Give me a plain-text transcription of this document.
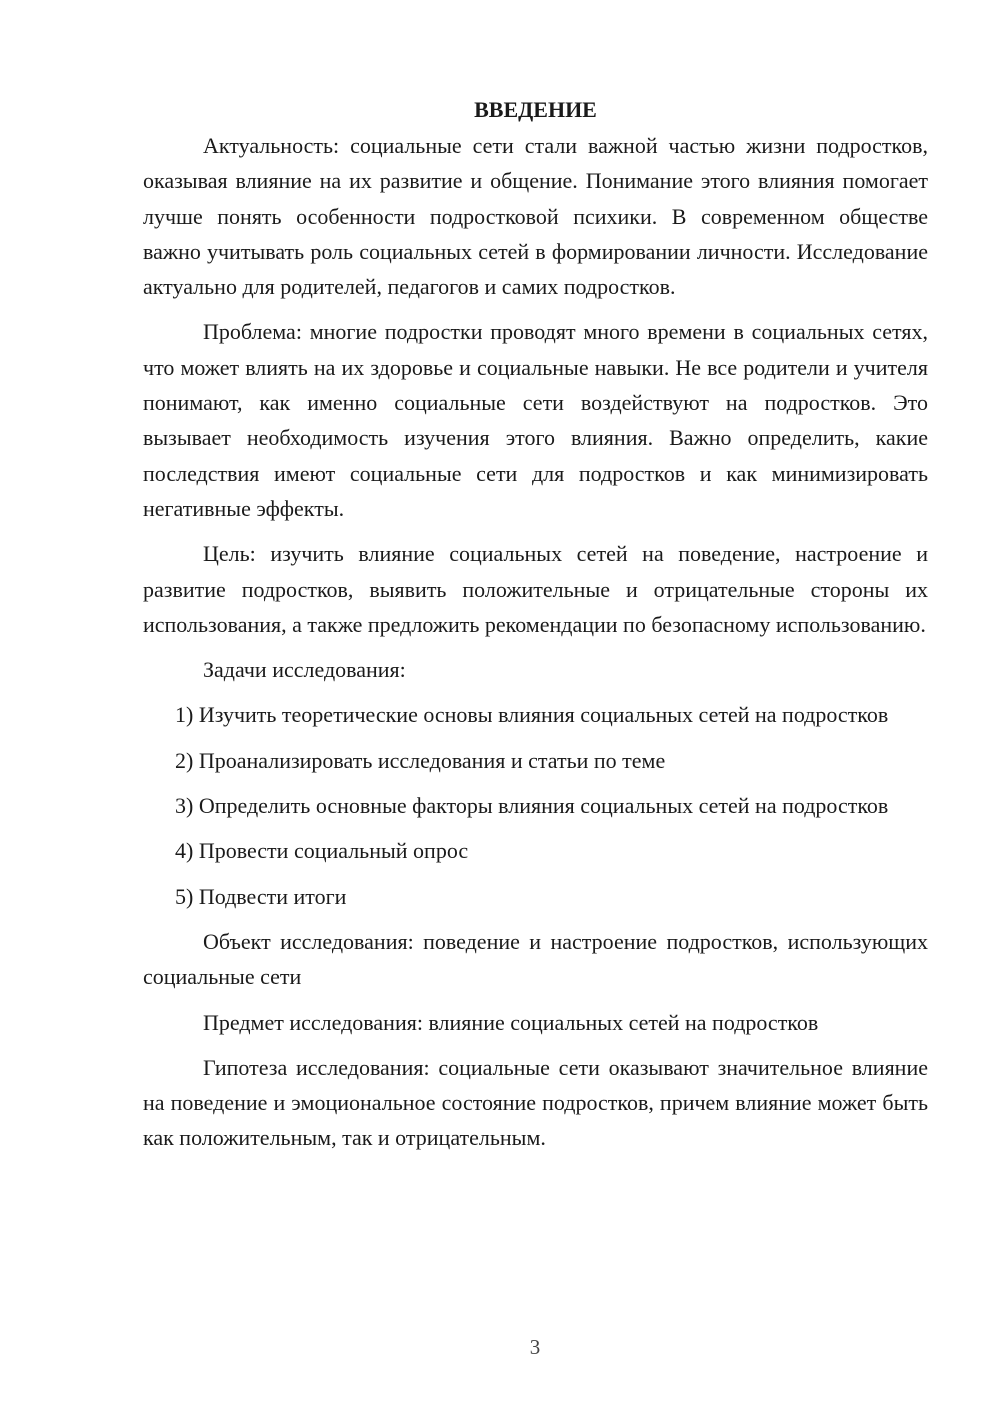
ВВЕДЕНИЕ

Актуальность: социальные сети стали важной частью жизни подростков, оказывая влияние на их развитие и общение. Понимание этого влияния помогает лучше понять особенности подростковой психики. В современном обществе важно учитывать роль социальных сетей в формировании личности. Исследование актуально для родителей, педагогов и самих подростков.

Проблема: многие подростки проводят много времени в социальных сетях, что может влиять на их здоровье и социальные навыки. Не все родители и учителя понимают, как именно социальные сети воздействуют на подростков. Это вызывает необходимость изучения этого влияния. Важно определить, какие последствия имеют социальные сети для подростков и как минимизировать негативные эффекты.

Цель: изучить влияние социальных сетей на поведение, настроение и развитие подростков, выявить положительные и отрицательные стороны их использования, а также предложить рекомендации по безопасному использованию.

Задачи исследования:

1) Изучить теоретические основы влияния социальных сетей на подростков

2) Проанализировать исследования и статьи по теме

3) Определить основные факторы влияния социальных сетей на подростков

4) Провести социальный опрос

5) Подвести итоги

Объект исследования: поведение и настроение подростков, использующих социальные сети

Предмет исследования: влияние социальных сетей на подростков

Гипотеза исследования: социальные сети оказывают значительное влияние на поведение и эмоциональное состояние подростков, причем влияние может быть как положительным, так и отрицательным.

3
